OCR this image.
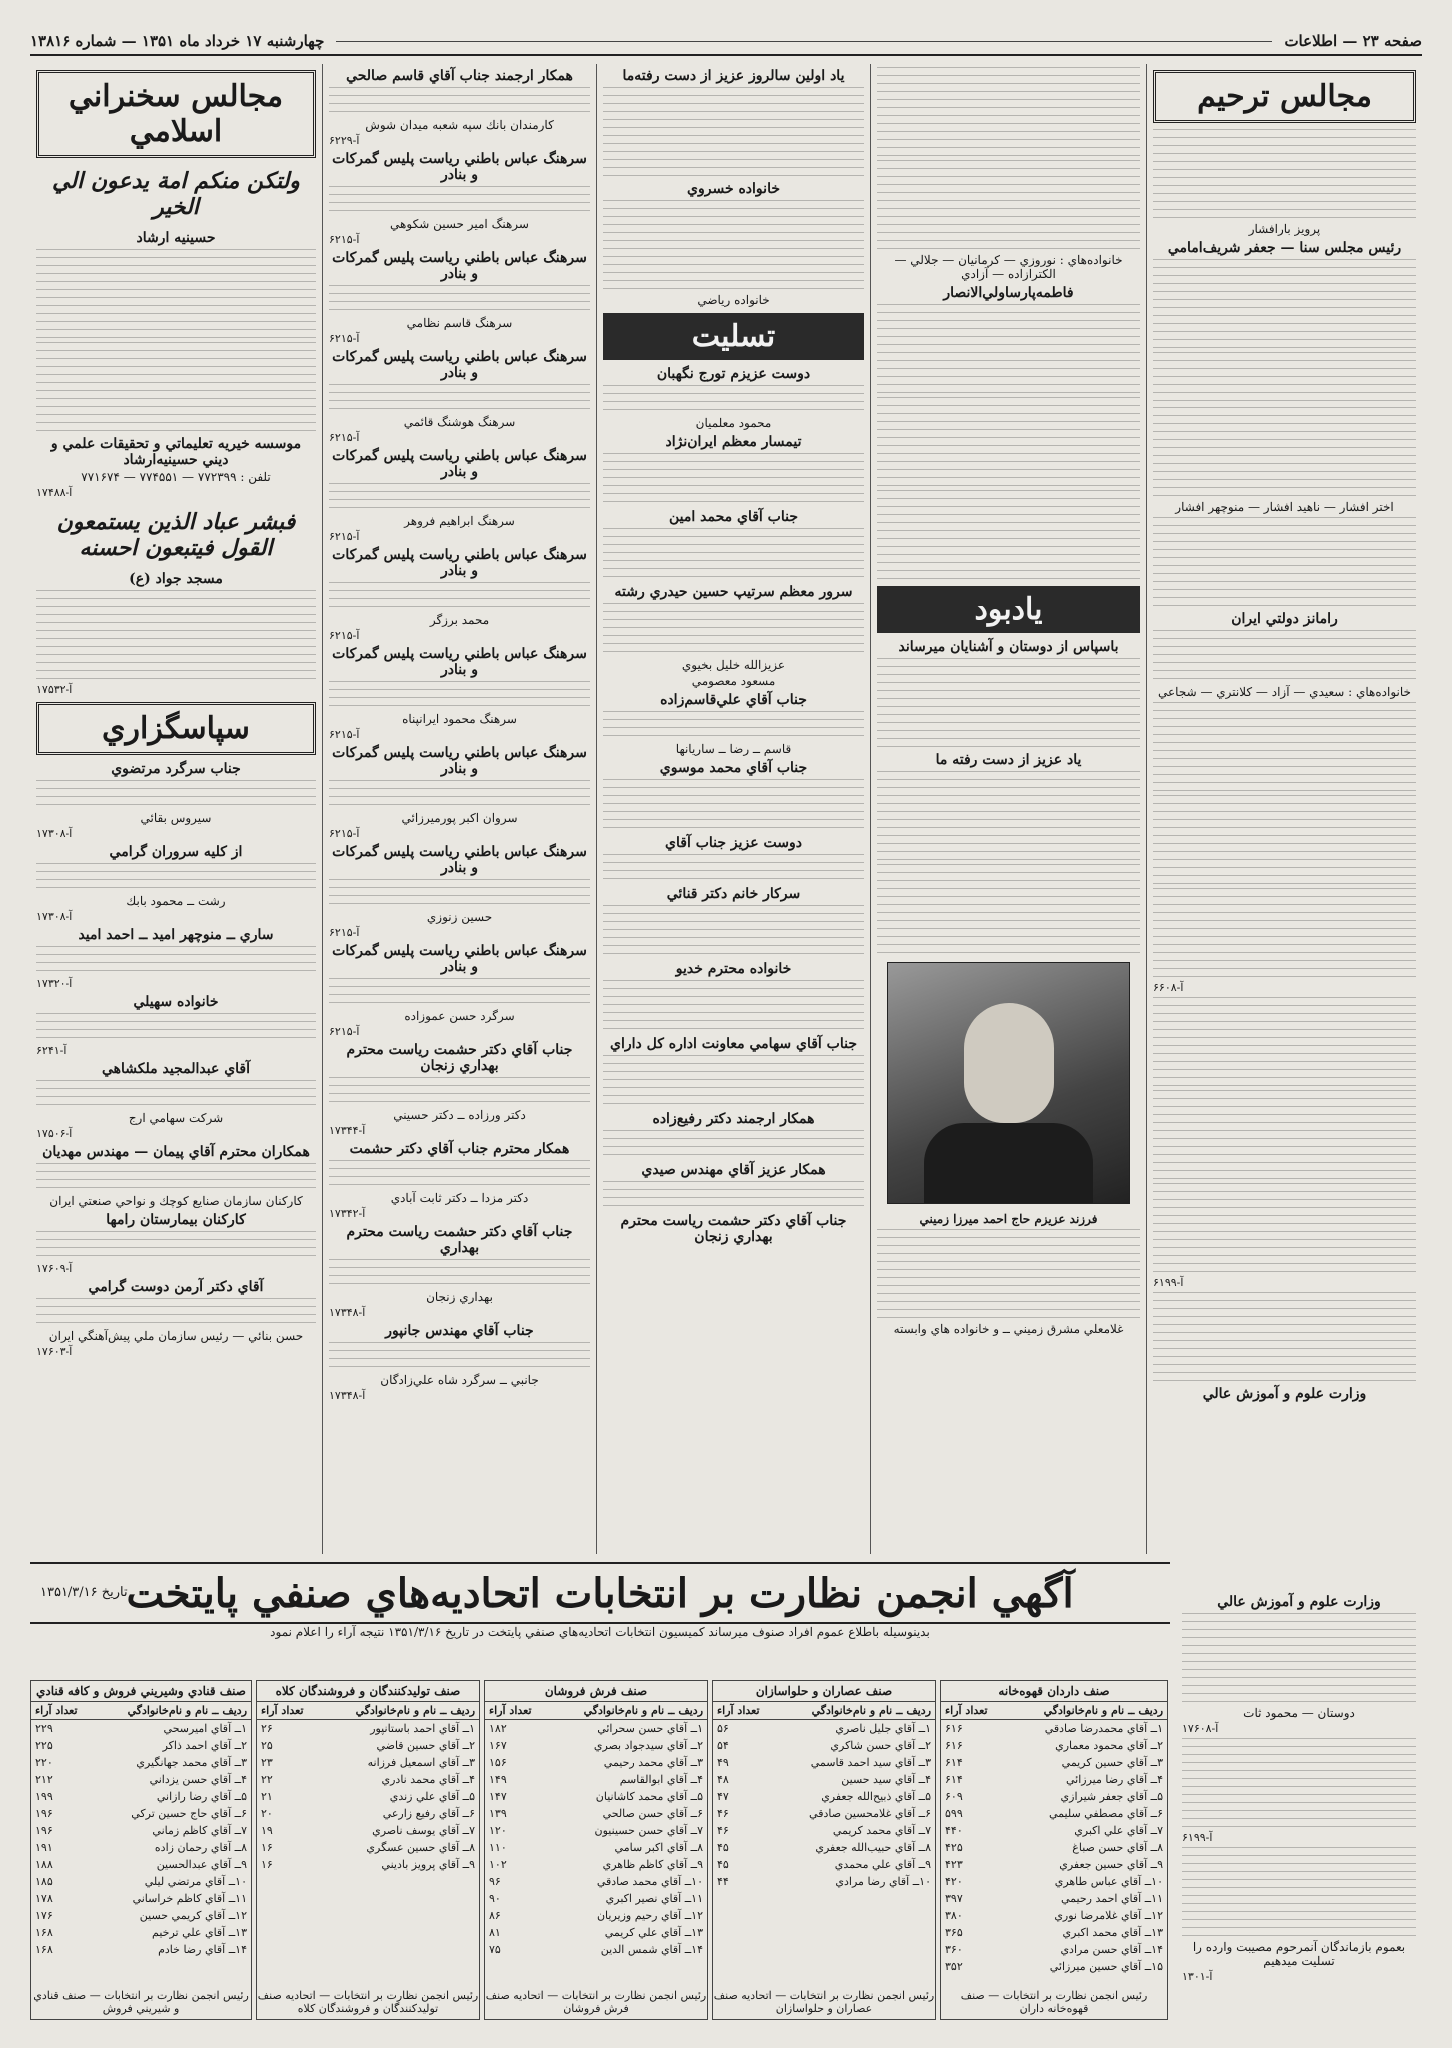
صفحه ۲۳ — اطلاعات
چهارشنبه ۱۷ خرداد ماه ۱۳۵۱ — شماره ۱۳۸۱۶
مجالس ترحيم
پرويز بارافشار
رئيس مجلس سنا — جعفر شريف‌امامي
اختر افشار — ناهيد افشار — منوچهر افشار
رامانز دولتي ايران
خانواده‌هاي : سعيدي — آزاد — كلانتري — شجاعي
آ-۶۶۰۸
آ-۶۱۹۹
وزارت علوم و آموزش عالي
خانواده‌هاي : نوروزي — كرمانيان — جلالي — الكترا‌زاده — آزادي
فاطمه‌پارساولي‌الانصار
يادبود
باسپاس از دوستان و آشنايان ميرساند
ياد عزيز از دست رفته ما
فرزند عزيزم حاج احمد ميرزا زميني
غلامعلي مشرق زميني ــ و خانواده هاي وابسته
ياد اولين سالروز عزيز از دست رفته‌ما
خانواده خسروي
خانواده رياضي
تسليت
دوست عزيزم تورج نگهبان
محمود معلميان
تيمسار معظم ايران‌نژاد
جناب آقاي محمد امين
سرور معظم سرتيپ حسين حيدري رشته
عزيزالله خليل بخيوي
مسعود معصومي
جناب آقاي علي‌قاسم‌زاده
قاسم ــ رضا ــ ساريانها
جناب آقاي محمد موسوي
دوست عزيز جناب آقاي
سركار خانم دكتر قنائي
خانواده محترم خديو
جناب آقاي سهامي معاونت اداره كل داراي
همكار ارجمند دكتر رفيع‌زاده
همكار عزيز آقاي مهندس صيدي
جناب آقاي دكتر حشمت رياست محترم بهداري زنجان
همكار ارجمند جناب آقاي قاسم صالحي
كارمندان بانك سپه شعبه ميدان شوش
آ-۶۲۲۹
سرهنگ عباس باطني رياست پليس گمركات و بنادر
سرهنگ امير حسين شكوهي
آ-۶۲۱۵
سرهنگ عباس باطني رياست پليس گمركات و بنادر
سرهنگ قاسم نظامي
آ-۶۲۱۵
سرهنگ عباس باطني رياست پليس گمركات و بنادر
سرهنگ هوشنگ قائمي
آ-۶۲۱۵
سرهنگ عباس باطني رياست پليس گمركات و بنادر
سرهنگ ابراهيم فروهر
آ-۶۲۱۵
سرهنگ عباس باطني رياست پليس گمركات و بنادر
محمد برزگر
آ-۶۲۱۵
سرهنگ عباس باطني رياست پليس گمركات و بنادر
سرهنگ محمود ايرانپناه
آ-۶۲۱۵
سرهنگ عباس باطني رياست پليس گمركات و بنادر
سروان اكبر پورميرزائي
آ-۶۲۱۵
سرهنگ عباس باطني رياست پليس گمركات و بنادر
حسين زنوزي
آ-۶۲۱۵
سرهنگ عباس باطني رياست پليس گمركات و بنادر
سرگرد حسن عموزاده
آ-۶۲۱۵
جناب آقاي دكتر حشمت رياست محترم بهداري زنجان
دكتر ورزاده ــ دكتر حسيني
آ-۱۷۳۴۴
همكار محترم جناب آقاي دكتر حشمت
دكتر مزدا ــ دكتر ثابت آبادي
آ-۱۷۳۴۲
جناب آقاي دكتر حشمت رياست محترم بهداري
بهداري زنجان
آ-۱۷۳۴۸
جناب آقاي مهندس جانپور
جانبي ــ سرگرد شاه علي‌زادگان
آ-۱۷۳۴۸
مجالس سخنراني اسلامي
ولتكن منكم امة يدعون الي الخير
حسينيه ارشاد
موسسه خيريه تعليماتي و تحقيقات علمي و ديني حسينيه‌ارشاد
تلفن : ۷۷۲۳۹۹ — ۷۷۴۵۵۱ — ۷۷۱۶۷۴
آ-۱۷۴۸۸
فبشر عباد الذين يستمعون القول فيتبعون احسنه
مسجد جواد (ع)
آ-۱۷۵۳۲
سپاسگزاري
جناب سرگرد مرتضوي
سيروس بقائي
آ-۱۷۳۰۸
از كليه سروران گرامي
رشت ــ محمود بابك
آ-۱۷۳۰۸
ساري ــ منوچهر اميد ــ احمد اميد
آ-۱۷۳۲۰
خانواده سهيلي
آ-۶۲۴۱
آقاي عبدالمجيد ملكشاهي
شركت سهامي ارج
آ-۱۷۵۰۶
همكاران محترم آقاي پيمان — مهندس مهديان
كاركنان سازمان صنايع كوچك و نواحي صنعتي ايران
كاركنان بيمارستان رامها
آ-۱۷۶۰۹
آقاي دكتر آرمن دوست گرامي
حسن بنائي — رئيس سازمان ملي پيش‌آهنگي ايران
آ-۱۷۶۰۳
آگهي انجمن نظارت بر انتخابات اتحاديه‌هاي صنفي پايتخت
تاريخ ۱۳۵۱/۳/۱۶
بدينوسيله باطلاع عموم افراد صنوف ميرساند كميسيون انتخابات اتحاديه‌هاي صنفي پايتخت در تاريخ ۱۳۵۱/۳/۱۶ نتيجه آراء را اعلام نمود
صنف داردان قهوه‌خانه
رديف ــ نام و نام‌خانوادگي
تعداد آراء
۱ــ آقاي محمدرضا صادقي
۶۱۶
۲ــ آقاي محمود معماري
۶۱۶
۳ــ آقاي حسين كريمي
۶۱۴
۴ــ آقاي رضا ميرزائي
۶۱۴
۵ــ آقاي جعفر شيرازي
۶۰۹
۶ــ آقاي مصطفي سليمي
۵۹۹
۷ــ آقاي علي اكبري
۴۴۰
۸ــ آقاي حسن صباغ
۴۲۵
۹ــ آقاي حسين جعفري
۴۲۳
۱۰ــ آقاي عباس طاهري
۴۲۰
۱۱ــ آقاي احمد رحيمي
۳۹۷
۱۲ــ آقاي غلامرضا نوري
۳۸۰
۱۳ــ آقاي محمد اكبري
۳۶۵
۱۴ــ آقاي حسن مرادي
۳۶۰
۱۵ــ آقاي حسين ميرزائي
۳۵۲
رئيس انجمن نظارت بر انتخابات — صنف قهوه‌خانه داران
صنف عصاران و حلواسازان
رديف ــ نام و نام‌خانوادگي
تعداد آراء
۱ــ آقاي جليل ناصري
۵۶
۲ــ آقاي حسن شاكري
۵۴
۳ــ آقاي سيد احمد قاسمي
۴۹
۴ــ آقاي سيد حسين
۴۸
۵ــ آقاي ذبيح‌الله جعفري
۴۷
۶ــ آقاي غلامحسين صادقي
۴۶
۷ــ آقاي محمد كريمي
۴۶
۸ــ آقاي حبيب‌الله جعفري
۴۵
۹ــ آقاي علي محمدي
۴۵
۱۰ــ آقاي رضا مرادي
۴۴
رئيس انجمن نظارت بر انتخابات — اتحاديه صنف عصاران و حلواسازان
صنف فرش فروشان
رديف ــ نام و نام‌خانوادگي
تعداد آراء
۱ــ آقاي حسن سحرائي
۱۸۲
۲ــ آقاي سيدجواد بصري
۱۶۷
۳ــ آقاي محمد رحيمي
۱۵۶
۴ــ آقاي ابوالقاسم
۱۴۹
۵ــ آقاي محمد كاشانيان
۱۴۷
۶ــ آقاي حسن صالحي
۱۳۹
۷ــ آقاي حسن حسينيون
۱۲۰
۸ــ آقاي اكبر سامي
۱۱۰
۹ــ آقاي كاظم ظاهري
۱۰۲
۱۰ــ آقاي محمد صادقي
۹۶
۱۱ــ آقاي نصير اكبري
۹۰
۱۲ــ آقاي رحيم وزيريان
۸۶
۱۳ــ آقاي علي كريمي
۸۱
۱۴ــ آقاي شمس الدين
۷۵
رئيس انجمن نظارت بر انتخابات — اتحاديه صنف فرش فروشان
صنف توليدكنندگان و فروشندگان كلاه
رديف ــ نام و نام‌خانوادگي
تعداد آراء
۱ــ آقاي احمد باستانپور
۲۶
۲ــ آقاي حسين قاضي
۲۵
۳ــ آقاي اسمعيل فرزانه
۲۳
۴ــ آقاي محمد نادري
۲۲
۵ــ آقاي علي زندي
۲۱
۶ــ آقاي رفيع زارعي
۲۰
۷ــ آقاي يوسف ناصري
۱۹
۸ــ آقاي حسين عسگري
۱۶
۹ــ آقاي پرويز باديني
۱۶
رئيس انجمن نظارت بر انتخابات — اتحاديه صنف توليدكنندگان و فروشندگان كلاه
صنف قنادي وشيريني فروش و كافه قنادي
رديف ــ نام و نام‌خانوادگي
تعداد آراء
۱ــ آقاي اميرسحي
۲۲۹
۲ــ آقاي احمد ذاكر
۲۲۵
۳ــ آقاي محمد جهانگيري
۲۲۰
۴ــ آقاي حسن يزداني
۲۱۲
۵ــ آقاي رضا رازاني
۱۹۹
۶ــ آقاي حاج حسين تركي
۱۹۶
۷ــ آقاي كاظم زماني
۱۹۶
۸ــ آقاي رحمان زاده
۱۹۱
۹ــ آقاي عبدالحسين
۱۸۸
۱۰ــ آقاي مرتضي ليلي
۱۸۵
۱۱ــ آقاي كاظم خراساني
۱۷۸
۱۲ــ آقاي كريمي حسين
۱۷۶
۱۳ــ آقاي علي ترخيم
۱۶۸
۱۴ــ آقاي رضا خادم
۱۶۸
رئيس انجمن نظارت بر انتخابات — صنف قنادي و شيريني فروش
وزارت علوم و آموزش عالي
دوستان — محمود ثات
آ-۱۷۶۰۸
آ-۶۱۹۹
بعموم بازماندگان آنمرحوم مصيبت وارده را تسليت ميدهيم
آ-۱۳۰۱
